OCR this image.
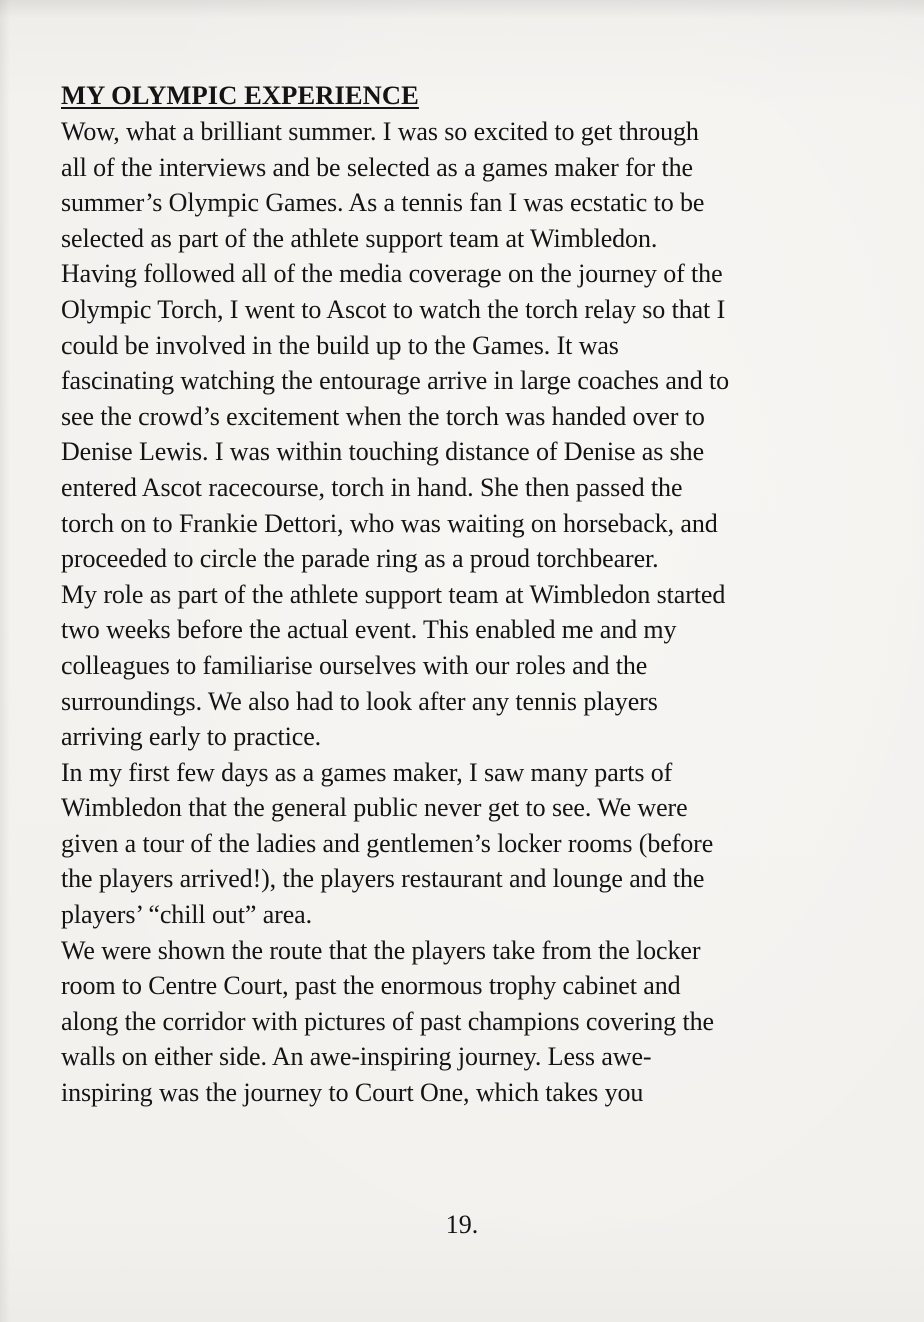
MY OLYMPIC EXPERIENCE
Wow, what a brilliant summer. I was so excited to get through
all of the interviews and be selected as a games maker for the
summer’s Olympic Games. As a tennis fan I was ecstatic to be
selected as part of the athlete support team at Wimbledon.
Having followed all of the media coverage on the journey of the
Olympic Torch, I went to Ascot to watch the torch relay so that I
could be involved in the build up to the Games. It was
fascinating watching the entourage arrive in large coaches and to
see the crowd’s excitement when the torch was handed over to
Denise Lewis. I was within touching distance of Denise as she
entered Ascot racecourse, torch in hand. She then passed the
torch on to Frankie Dettori, who was waiting on horseback, and
proceeded to circle the parade ring as a proud torchbearer.
My role as part of the athlete support team at Wimbledon started
two weeks before the actual event. This enabled me and my
colleagues to familiarise ourselves with our roles and the
surroundings. We also had to look after any tennis players
arriving early to practice.
In my first few days as a games maker, I saw many parts of
Wimbledon that the general public never get to see. We were
given a tour of the ladies and gentlemen’s locker rooms (before
the players arrived!), the players restaurant and lounge and the
players’ “chill out” area.
We were shown the route that the players take from the locker
room to Centre Court, past the enormous trophy cabinet and
along the corridor with pictures of past champions covering the
walls on either side. An awe-inspiring journey. Less awe-
inspiring was the journey to Court One, which takes you
19.
